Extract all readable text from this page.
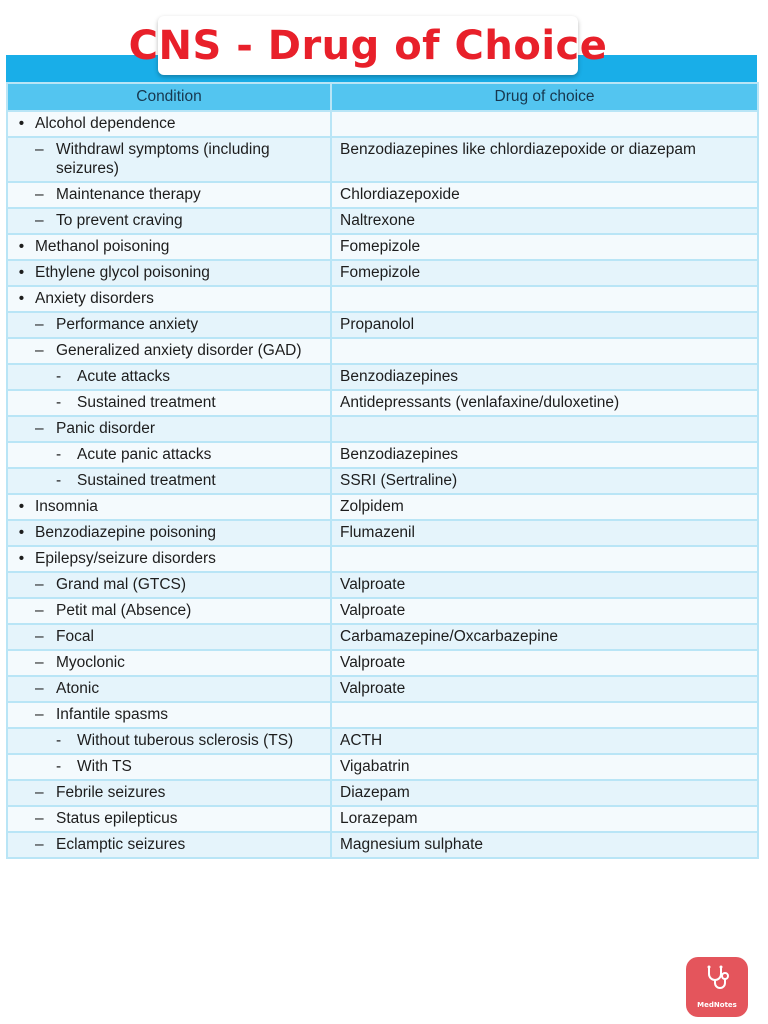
CNS - Drug of Choice
Condition	Drug of choice

• Alcohol dependence	

– Withdrawl symptoms (including seizures)	Benzodiazepines like chlordiazepoxide or diazepam

– Maintenance therapy	Chlordiazepoxide

– To prevent craving	Naltrexone

• Methanol poisoning	Fomepizole

• Ethylene glycol poisoning	Fomepizole

• Anxiety disorders	

– Performance anxiety	Propanolol

– Generalized anxiety disorder (GAD)	

- Acute attacks	Benzodiazepines

- Sustained treatment	Antidepressants (venlafaxine/duloxetine)

– Panic disorder	

- Acute panic attacks	Benzodiazepines

- Sustained treatment	SSRI (Sertraline)

• Insomnia	Zolpidem

• Benzodiazepine poisoning	Flumazenil

• Epilepsy/seizure disorders	

– Grand mal (GTCS)	Valproate

– Petit mal (Absence)	Valproate

– Focal	Carbamazepine/Oxcarbazepine

– Myoclonic	Valproate

– Atonic	Valproate

– Infantile spasms	

- Without tuberous sclerosis (TS)	ACTH

- With TS	Vigabatrin

– Febrile seizures	Diazepam

– Status epilepticus	Lorazepam

– Eclamptic seizures	Magnesium sulphate
MedNotes
